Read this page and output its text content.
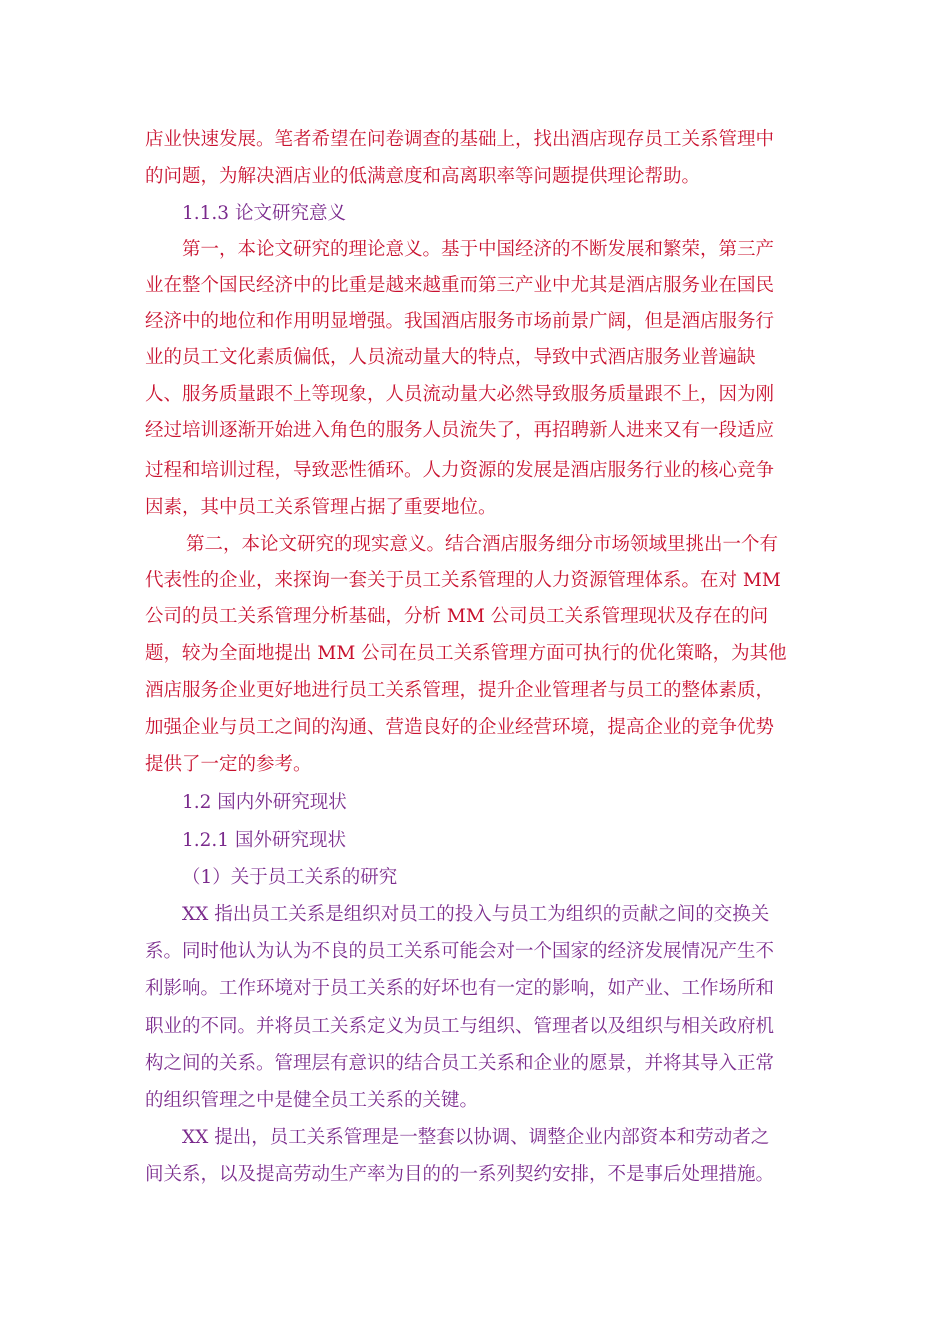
店业快速发展。笔者希望在问卷调查的基础上，找出酒店现存员工关系管理中
的问题，为解决酒店业的低满意度和高离职率等问题提供理论帮助。
1.1.3 论文研究意义
第一，本论文研究的理论意义。基于中国经济的不断发展和繁荣，第三产
业在整个国民经济中的比重是越来越重而第三产业中尤其是酒店服务业在国民
经济中的地位和作用明显增强。我国酒店服务市场前景广阔，但是酒店服务行
业的员工文化素质偏低，人员流动量大的特点，导致中式酒店服务业普遍缺
人、服务质量跟不上等现象，人员流动量大必然导致服务质量跟不上，因为刚
经过培训逐渐开始进入角色的服务人员流失了，再招聘新人进来又有一段适应
过程和培训过程，导致恶性循环。人力资源的发展是酒店服务行业的核心竞争
因素，其中员工关系管理占据了重要地位。
第二，本论文研究的现实意义。结合酒店服务细分市场领域里挑出一个有
代表性的企业，来探询一套关于员工关系管理的人力资源管理体系。在对 MM
公司的员工关系管理分析基础，分析 MM 公司员工关系管理现状及存在的问
题，较为全面地提出 MM 公司在员工关系管理方面可执行的优化策略，为其他
酒店服务企业更好地进行员工关系管理，提升企业管理者与员工的整体素质，
加强企业与员工之间的沟通、营造良好的企业经营环境，提高企业的竞争优势
提供了一定的参考。
1.2 国内外研究现状
1.2.1 国外研究现状
（1）关于员工关系的研究
XX 指出员工关系是组织对员工的投入与员工为组织的贡献之间的交换关
系。同时他认为认为不良的员工关系可能会对一个国家的经济发展情况产生不
利影响。工作环境对于员工关系的好坏也有一定的影响，如产业、工作场所和
职业的不同。并将员工关系定义为员工与组织、管理者以及组织与相关政府机
构之间的关系。管理层有意识的结合员工关系和企业的愿景，并将其导入正常
的组织管理之中是健全员工关系的关键。
XX 提出，员工关系管理是一整套以协调、调整企业内部资本和劳动者之
间关系，以及提高劳动生产率为目的的一系列契约安排，不是事后处理措施。
